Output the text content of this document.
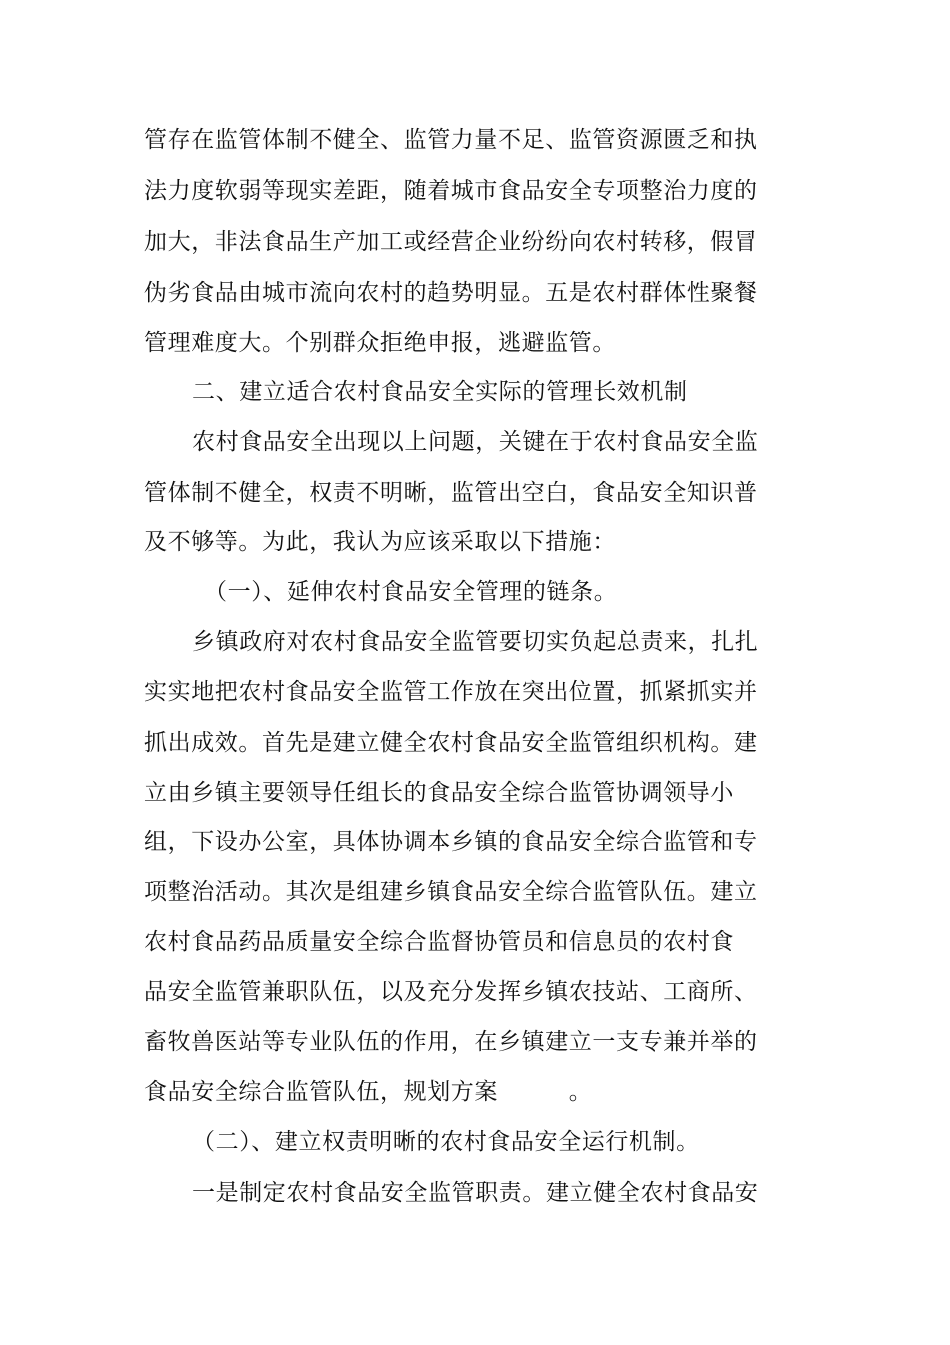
管存在监管体制不健全、监管力量不足、监管资源匮乏和执
法力度软弱等现实差距，随着城市食品安全专项整治力度的
加大，非法食品生产加工或经营企业纷纷向农村转移，假冒
伪劣食品由城市流向农村的趋势明显。五是农村群体性聚餐
管理难度大。个别群众拒绝申报，逃避监管。
二、建立适合农村食品安全实际的管理长效机制
农村食品安全出现以上问题，关键在于农村食品安全监
管体制不健全，权责不明晰，监管出空白，食品安全知识普
及不够等。为此，我认为应该采取以下措施：
（一）、延伸农村食品安全管理的链条。
乡镇政府对农村食品安全监管要切实负起总责来，扎扎
实实地把农村食品安全监管工作放在突出位置，抓紧抓实并
抓出成效。首先是建立健全农村食品安全监管组织机构。建
立由乡镇主要领导任组长的食品安全综合监管协调领导小
组，下设办公室，具体协调本乡镇的食品安全综合监管和专
项整治活动。其次是组建乡镇食品安全综合监管队伍。建立
农村食品药品质量安全综合监督协管员和信息员的农村食
品安全监管兼职队伍，以及充分发挥乡镇农技站、工商所、
畜牧兽医站等专业队伍的作用，在乡镇建立一支专兼并举的
食品安全综合监管队伍，规划方案　　　。
（二）、建立权责明晰的农村食品安全运行机制。
一是制定农村食品安全监管职责。建立健全农村食品安
